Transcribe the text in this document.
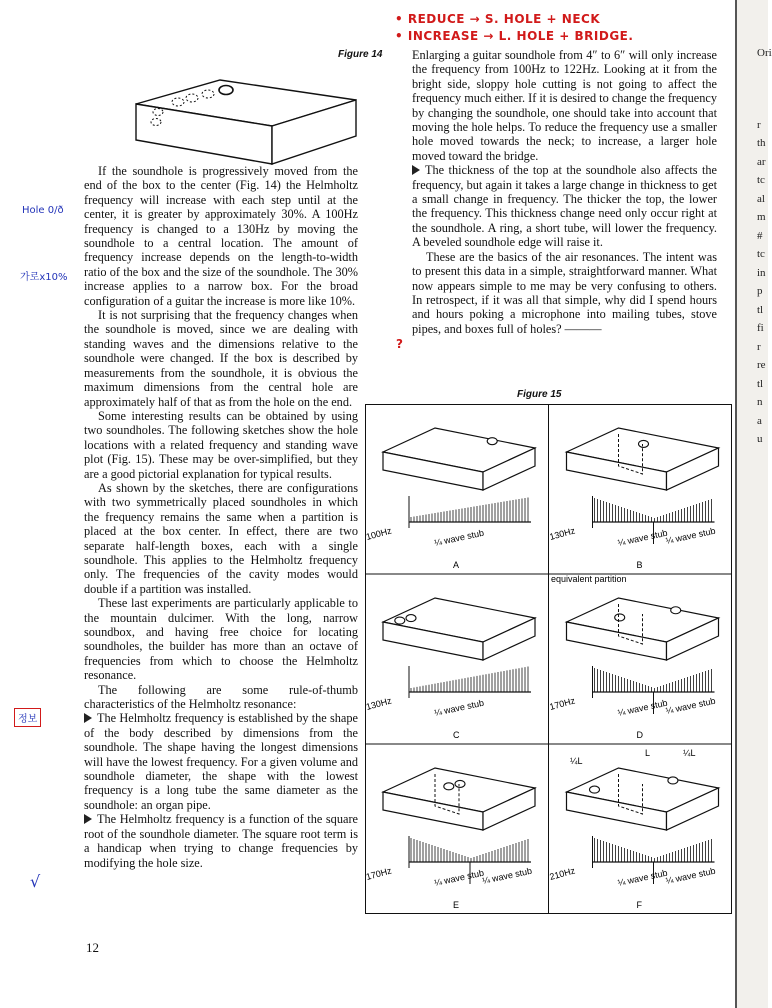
• REDUCE → S. HOLE + NECK
• INCREASE → L. HOLE + BRIDGE.
Figure 14
Hole 0/ð
가로x10%
정보
√
?

If the soundhole is progressively moved from the end of the box to the center (Fig. 14) the Helmholtz frequency will increase with each step until at the center, it is greater by approximately 30%. A 100Hz frequency is changed to a 130Hz by moving the soundhole to a central location. The amount of frequency increase depends on the length-to-width ratio of the box and the size of the soundhole. The 30% increase applies to a narrow box. For the broad configuration of a guitar the increase is more like 10%.

It is not surprising that the frequency changes when the soundhole is moved, since we are dealing with standing waves and the dimensions relative to the soundhole were changed. If the box is described by measurements from the soundhole, it is obvious the maximum dimensions from the central hole are approximately half of that as from the hole on the end.

Some interesting results can be obtained by using two soundholes. The following sketches show the hole locations with a related frequency and standing wave plot (Fig. 15). These may be over-simplified, but they are a good pictorial explanation for typical results.

As shown by the sketches, there are configurations with two symmetrically placed soundholes in which the frequency remains the same when a partition is placed at the box center. In effect, there are two separate half-length boxes, each with a single soundhole. This applies to the Helmholtz frequency only. The frequencies of the cavity modes would double if a partition was installed.

These last experiments are particularly applicable to the mountain dulcimer. With the long, narrow soundbox, and having free choice for locating soundholes, the builder has more than an octave of frequencies from which to choose the Helmholtz resonance.

The following are some rule-of-thumb characteristics of the Helmholtz resonance:

The Helmholtz frequency is established by the shape of the body described by dimensions from the soundhole. The shape having the longest dimensions will have the lowest frequency. For a given volume and soundhole diameter, the shape with the lowest frequency is a long tube the same diameter as the soundhole: an organ pipe.

The Helmholtz frequency is a function of the square root of the soundhole diameter. The square root term is a handicap when trying to change frequencies by modifying the hole size.

Enlarging a guitar soundhole from 4″ to 6″ will only increase the frequency from 100Hz to 122Hz. Looking at it from the bright side, sloppy hole cutting is not going to affect the frequency much either. If it is desired to change the frequency by changing the soundhole, one should take into account that moving the hole helps. To reduce the frequency use a smaller hole moved towards the neck; to increase, a larger hole moved toward the bridge.

The thickness of the top at the soundhole also affects the frequency, but again it takes a large change in thickness to get a small change in frequency. The thicker the top, the lower the frequency. This thickness change need only occur right at the soundhole. A ring, a short tube, will lower the frequency. A beveled soundhole edge will raise it.

These are the basics of the air resonances. The intent was to present this data in a simple, straightforward manner. What now appears simple to me may be very confusing to others. In retrospect, if it was all that simple, why did I spend hours and hours poking a microphone into mailing tubes, stove pipes, and boxes full of holes? ———

Figure 15
100Hz	¼ wave stub
A
130Hz	¼ wave stub
¼ wave stub
B
130Hz	¼ wave stub
C
170Hz	¼ wave stub
¼ wave stub
D
170Hz	¼ wave stub
¼ wave stub
E
210Hz	¼ wave stub
¼ wave stub
F
equivalent partition
L
¼L
¼L
12
Ori
r
th
ar
tc
al
m
#
tc
in
p
tl
fi
r
re
tl
n
a
u
